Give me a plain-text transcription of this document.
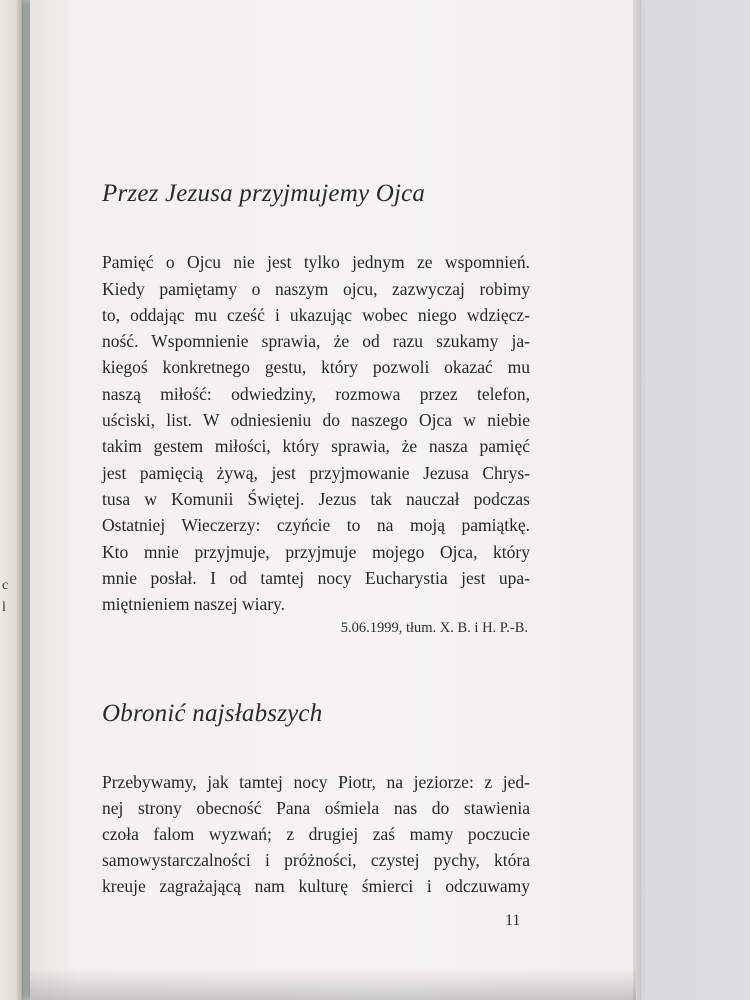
c
l
Przez Jezusa przyjmujemy Ojca
Pamięć o Ojcu nie jest tylko jednym ze wspomnień.
Kiedy pamiętamy o naszym ojcu, zazwyczaj robimy
to, oddając mu cześć i ukazując wobec niego wdzięcz-
ność. Wspomnienie sprawia, że od razu szukamy ja-
kiegoś konkretnego gestu, który pozwoli okazać mu
naszą miłość: odwiedziny, rozmowa przez telefon,
uściski, list. W odniesieniu do naszego Ojca w niebie
takim gestem miłości, który sprawia, że nasza pamięć
jest pamięcią żywą, jest przyjmowanie Jezusa Chrys-
tusa w Komunii Świętej. Jezus tak nauczał podczas
Ostatniej Wieczerzy: czyńcie to na moją pamiątkę.
Kto mnie przyjmuje, przyjmuje mojego Ojca, który
mnie posłał. I od tamtej nocy Eucharystia jest upa-
miętnieniem naszej wiary.
5.06.1999, tłum. X. B. i H. P.-B.
Obronić najsłabszych
Przebywamy, jak tamtej nocy Piotr, na jeziorze: z jed-
nej strony obecność Pana ośmiela nas do stawienia
czoła falom wyzwań; z drugiej zaś mamy poczucie
samowystarczalności i próżności, czystej pychy, która
kreuje zagrażającą nam kulturę śmierci i odczuwamy
11
